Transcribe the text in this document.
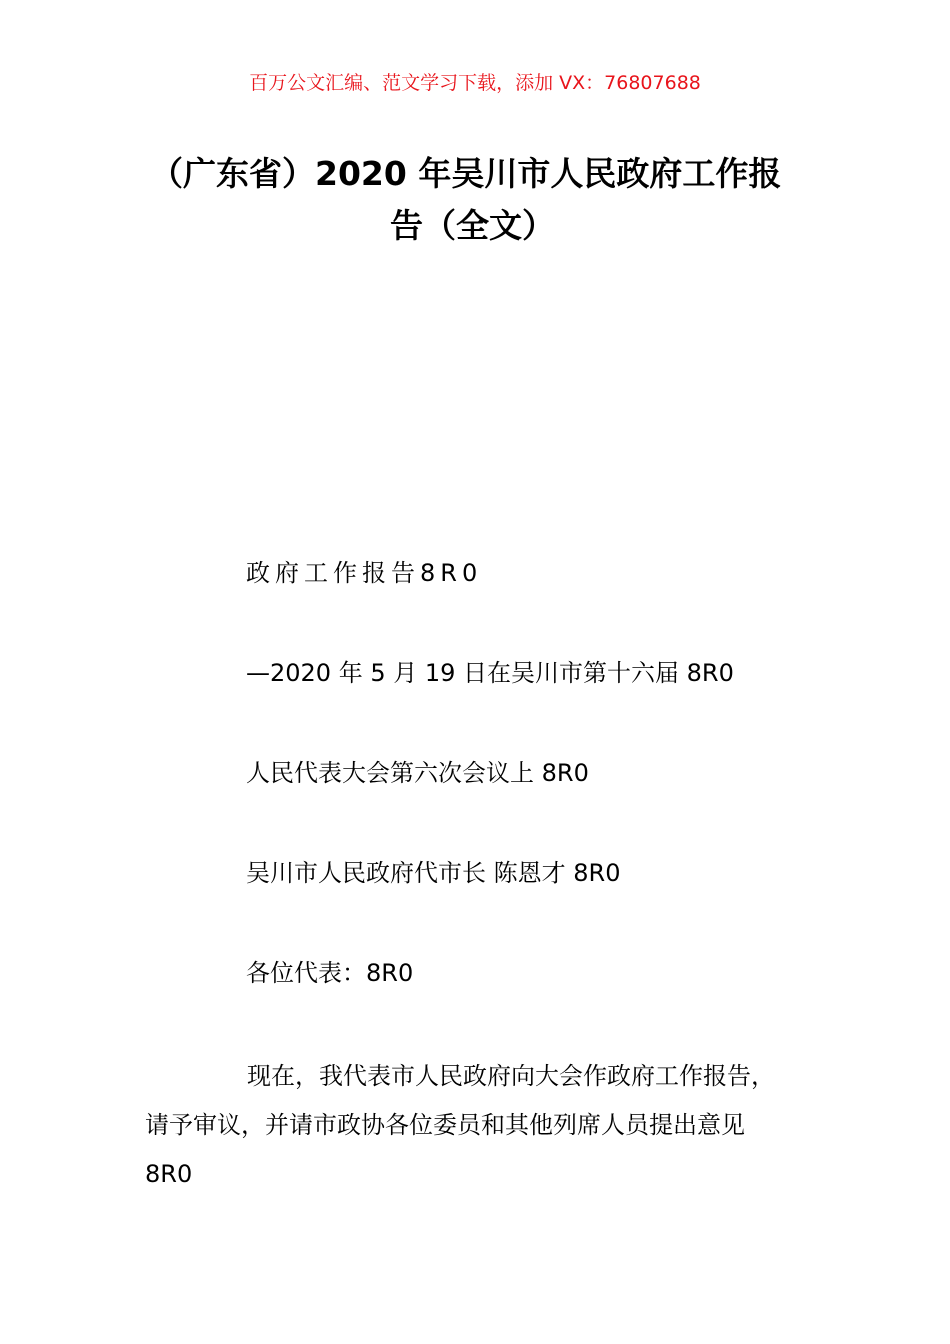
百万公文汇编、范文学习下载，添加 VX：76807688
（广东省）2020 年吴川市人民政府工作报
告（全文）
政府工作报告8R0
—2020 年 5 月 19 日在吴川市第十六届 8R0
人民代表大会第六次会议上 8R0
吴川市人民政府代市长 陈恩才 8R0
各位代表：8R0
现在，我代表市人民政府向大会作政府工作报告，
请予审议，并请市政协各位委员和其他列席人员提出意见
8R0
